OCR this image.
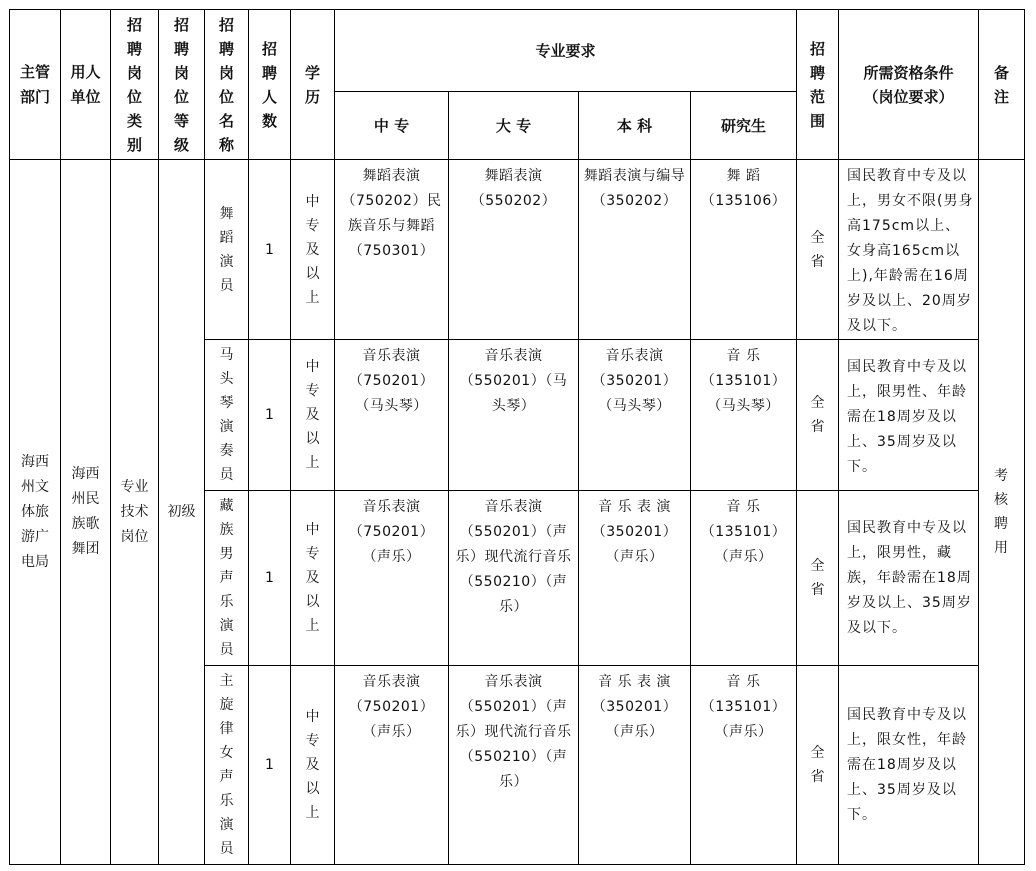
主管部门	用人单位	招聘岗位类别	招聘岗位等级	招聘岗位名称	招聘人数	学历	专业要求				招聘范围	所需资格条件（岗位要求）	备注
							中 专	大 专	本 科	研究生			
海西州文体旅游广电局	海西州民族歌舞团	专业技术岗位	初级	舞蹈演员	1	中专及以上	舞蹈表演（750202）民族音乐与舞蹈（750301）	舞蹈表演（550202）	舞蹈表演与编导（350202）	舞 蹈（135106）	全省	国民教育中专及以上，男女不限(男身高175cm以上、女身高165cm以上),年龄需在16周岁及以上、20周岁及以下。	考核聘用
				马头琴演奏员	1	中专及以上	音乐表演（750201）（马头琴）	音乐表演（550201）（马头琴）	音乐表演（350201）（马头琴）	音 乐（135101）（马头琴）	全省	国民教育中专及以上，限男性、年龄需在18周岁及以上、35周岁及以下。	
				藏族男声乐演员	1	中专及以上	音乐表演（750201）（声乐）	音乐表演（550201）（声乐）现代流行音乐（550210）（声乐）	音 乐 表 演（350201）（声乐）	音 乐（135101）（声乐）	全省	国民教育中专及以上，限男性，藏族，年龄需在18周岁及以上、35周岁及以下。	
				主旋律女声乐演员	1	中专及以上	音乐表演（750201）（声乐）	音乐表演（550201）（声乐）现代流行音乐（550210）（声乐）	音 乐 表 演（350201）（声乐）	音 乐（135101）（声乐）	全省	国民教育中专及以上，限女性，年龄需在18周岁及以上、35周岁及以下。	
